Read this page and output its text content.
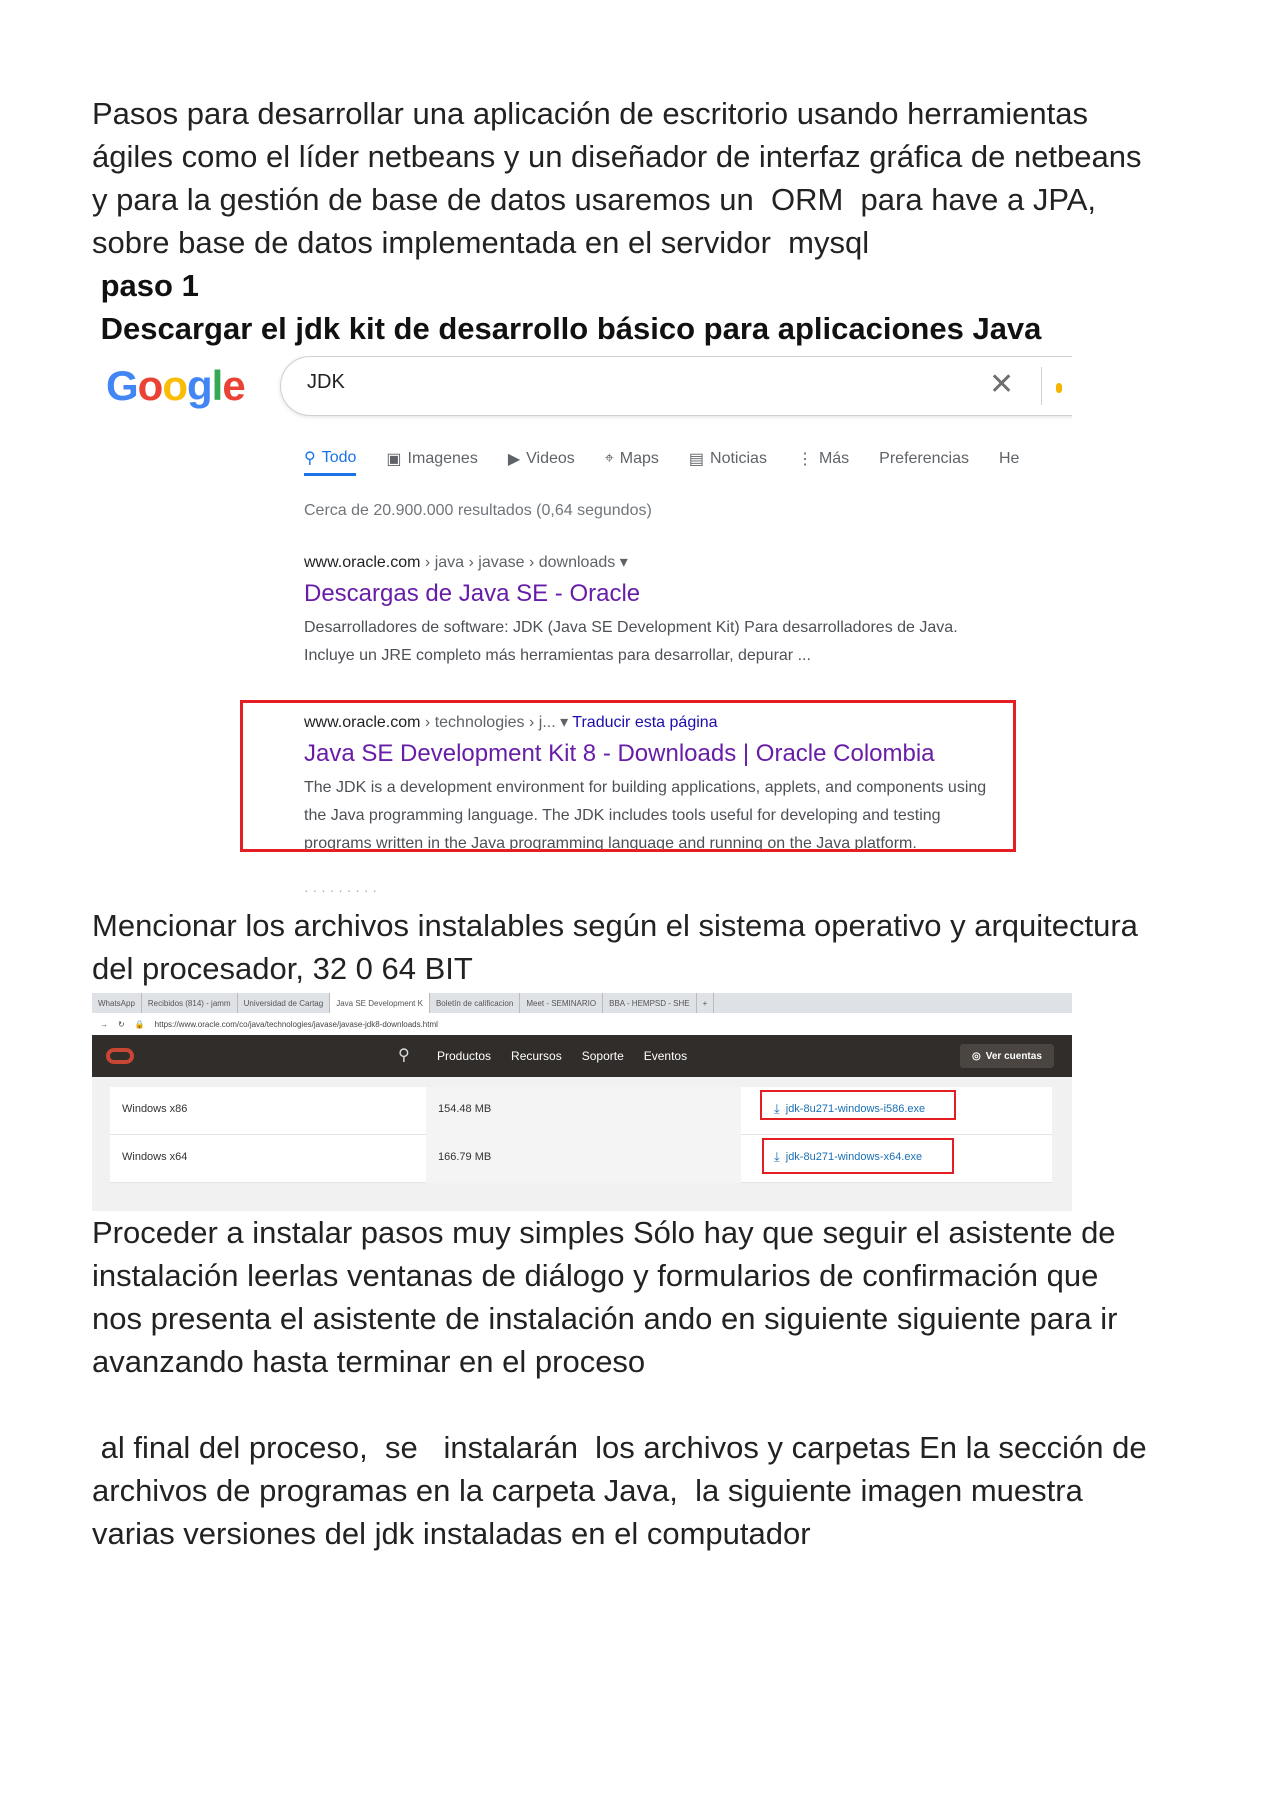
Pasos para desarrollar una aplicación de escritorio usando herramientas

ágiles como el líder netbeans y un diseñador de interfaz gráfica de netbeans

y para la gestión de base de datos usaremos un  ORM  para have a JPA,

sobre base de datos implementada en el servidor  mysql

paso 1

Descargar el jdk kit de desarrollo básico para aplicaciones Java

Google	JDK	✕
⚲ Todo ▣ Imagenes ▶ Videos ⌖ Maps ▤ Noticias ⋮ Más Preferencias He
Cerca de 20.900.000 resultados (0,64 segundos)
www.oracle.com › java › javase › downloads ▾
Descargas de Java SE - Oracle
Desarrolladores de software: JDK (Java SE Development Kit) Para desarrolladores de Java.
Incluye un JRE completo más herramientas para desarrollar, depurar ...
www.oracle.com › technologies › j... ▾ Traducir esta página
Java SE Development Kit 8 - Downloads | Oracle Colombia
The JDK is a development environment for building applications, applets, and components using
the Java programming language. The JDK includes tools useful for developing and testing
programs written in the Java programming language and running on the Java platform.
· · · · · · · · ·

Mencionar los archivos instalables según el sistema operativo y arquitectura

del procesador, 32 0 64 BIT

WhatsApp	Recibidos (814) - jamm	Universidad de Cartag	Java SE Development K	Boletín de calificacion	Meet - SEMINARIO	BBA - HEMPSD - SHE	+
→ ↻ 🔒 https://www.oracle.com/co/java/technologies/javase/javase-jdk8-downloads.html
⚲ Productos Recursos Soporte Eventos	◎ Ver cuentas
Windows x86	154.48 MB	⤓ jdk-8u271-windows-i586.exe
Windows x64	166.79 MB	⤓ jdk-8u271-windows-x64.exe

Proceder a instalar pasos muy simples Sólo hay que seguir el asistente de

instalación leerlas ventanas de diálogo y formularios de confirmación que

nos presenta el asistente de instalación ando en siguiente siguiente para ir

avanzando hasta terminar en el proceso

al final del proceso,  se   instalarán  los archivos y carpetas En la sección de

archivos de programas en la carpeta Java,  la siguiente imagen muestra

varias versiones del jdk instaladas en el computador
